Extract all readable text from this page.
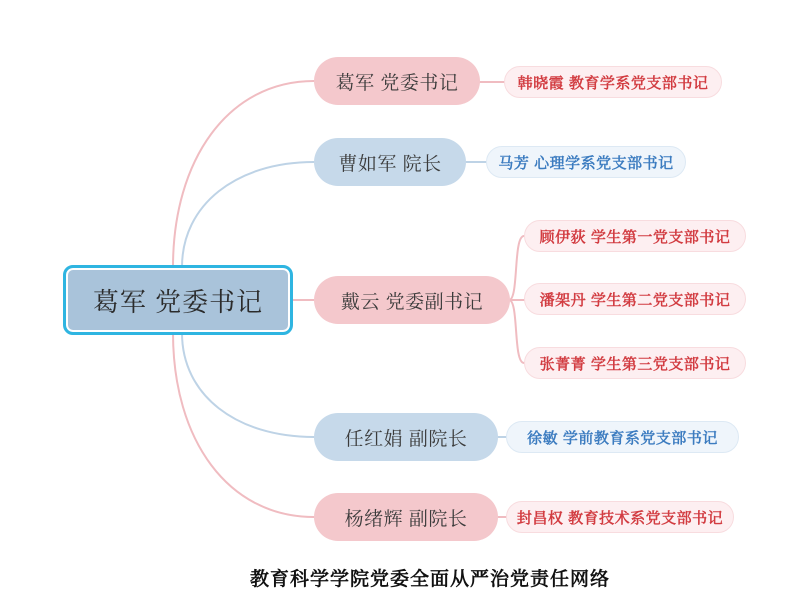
葛军 党委书记
葛军 党委书记	韩晓霞 教育学系党支部书记
曹如军 院长	马芳 心理学系党支部书记
戴云 党委副书记
顾伊荻 学生第一党支部书记
潘架丹 学生第二党支部书记
张菁菁 学生第三党支部书记
任红娟 副院长	徐敏 学前教育系党支部书记
杨绪辉 副院长	封昌权 教育技术系党支部书记
教育科学学院党委全面从严治党责任网络
